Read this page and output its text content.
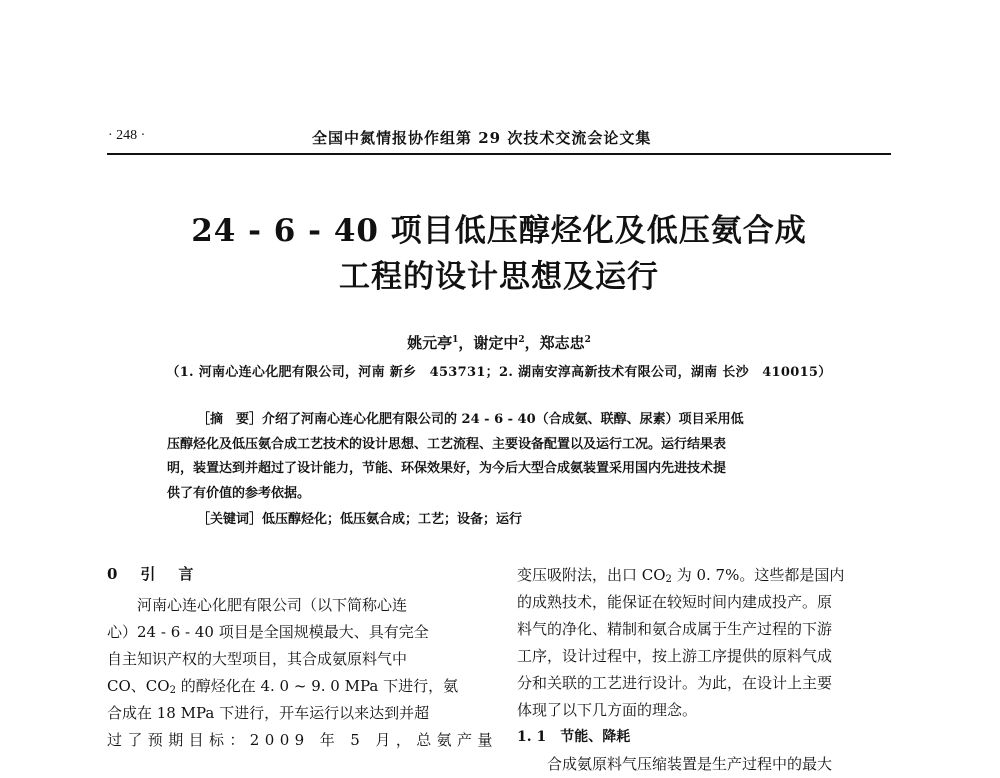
· 248 ·	全国中氮情报协作组第 29 次技术交流会论文集
24 - 6 - 40 项目低压醇烃化及低压氨合成
工程的设计思想及运行
姚元亭$^1$，谢定中$^2$，郑志忠$^2$
（1. 河南心连心化肥有限公司，河南 新乡　453731；2. 湖南安淳高新技术有限公司，湖南 长沙　410015）
［摘　要］介绍了河南心连心化肥有限公司的 24 - 6 - 40（合成氨、联醇、尿素）项目采用低
压醇烃化及低压氨合成工艺技术的设计思想、工艺流程、主要设备配置以及运行工况。运行结果表
明，装置达到并超过了设计能力，节能、环保效果好，为今后大型合成氨装置采用国内先进技术提
供了有价值的参考依据。
［关键词］低压醇烃化；低压氨合成；工艺；设备；运行
0　引　言
河南心连心化肥有限公司（以下简称心连
心）24 - 6 - 40 项目是全国规模最大、具有完全
自主知识产权的大型项目，其合成氨原料气中
CO、$CO_2$ 的醇烃化在 4. 0 ~ 9. 0 MPa 下进行，氨
合成在 18 MPa 下进行，开车运行以来达到并超
过了预期目标：2009 年 5 月，总氨产量
变压吸附法，出口 $CO_2$ 为 0. 7%。这些都是国内
的成熟技术，能保证在较短时间内建成投产。原
料气的净化、精制和氨合成属于生产过程的下游
工序，设计过程中，按上游工序提供的原料气成
分和关联的工艺进行设计。为此，在设计上主要
体现了以下几方面的理念。
1. 1　节能、降耗
合成氨原料气压缩装置是生产过程中的最大
